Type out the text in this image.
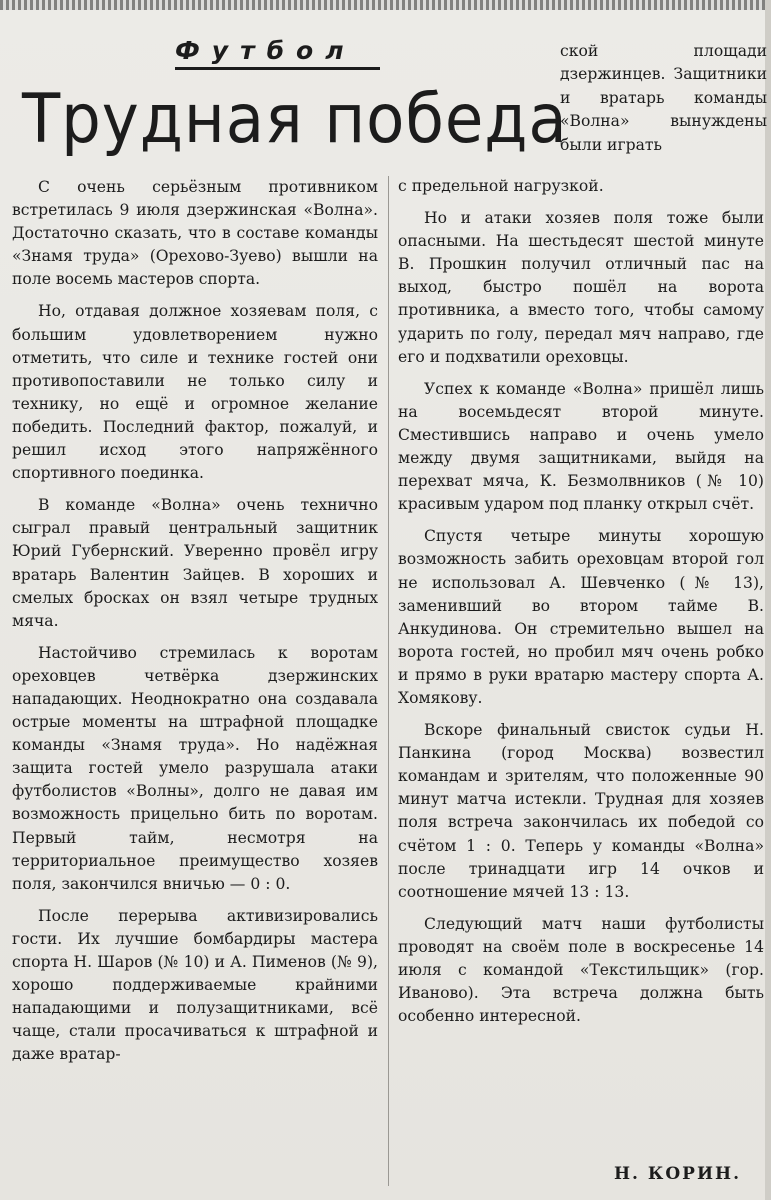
Футбол
Трудная победа

ской площади дзержинцев. Защитники и вратарь команды «Волна» вынуждены были играть

С очень серьёзным противником встретилась 9 июля дзержинская «Волна». Достаточно сказать, что в составе команды «Знамя труда» (Орехово-Зуево) вышли на поле восемь мастеров спорта.

Но, отдавая должное хозяевам поля, с большим удовлетворением нужно отметить, что силе и технике гостей они противопоставили не только силу и технику, но ещё и огромное желание победить. Последний фактор, пожалуй, и решил исход этого напряжённого спортивного поединка.

В команде «Волна» очень технично сыграл правый центральный защитник Юрий Губернский. Уверенно провёл игру вратарь Валентин Зайцев. В хороших и смелых бросках он взял четыре трудных мяча.

Настойчиво стремилась к воротам ореховцев четвёрка дзержинских нападающих. Неоднократно она создавала острые моменты на штрафной площадке команды «Знамя труда». Но надёжная защита гостей умело разрушала атаки футболистов «Волны», долго не давая им возможность прицельно бить по воротам. Первый тайм, несмотря на территориальное преимущество хозяев поля, закончился вничью — 0 : 0.

После перерыва активизировались гости. Их лучшие бомбардиры мастера спорта Н. Шаров (№ 10) и А. Пименов (№ 9), хорошо поддерживаемые крайними нападающими и полузащитниками, всё чаще, стали просачиваться к штрафной и даже вратар-

с предельной нагрузкой.

Но и атаки хозяев поля тоже были опасными. На шестьдесят шестой минуте В. Прошкин получил отличный пас на выход, быстро пошёл на ворота противника, а вместо того, чтобы самому ударить по голу, передал мяч направо, где его и подхватили ореховцы.

Успех к команде «Волна» пришёл лишь на восемьдесят второй минуте. Сместившись направо и очень умело между двумя защитниками, выйдя на перехват мяча, К. Безмолвников (№ 10) красивым ударом под планку открыл счёт.

Спустя четыре минуты хорошую возможность забить ореховцам второй гол не использовал А. Шевченко (№ 13), заменивший во втором тайме В. Анкудинова. Он стремительно вышел на ворота гостей, но пробил мяч очень робко и прямо в руки вратарю мастеру спорта А. Хомякову.

Вскоре финальный свисток судьи Н. Панкина (город Москва) возвестил командам и зрителям, что положенные 90 минут матча истекли. Трудная для хозяев поля встреча закончилась их победой со счётом 1 : 0. Теперь у команды «Волна» после тринадцати игр 14 очков и соотношение мячей 13 : 13.

Следующий матч наши футболисты проводят на своём поле в воскресенье 14 июля с командой «Текстильщик» (гор. Иваново). Эта встреча должна быть особенно интересной.

Н. КОРИН.
